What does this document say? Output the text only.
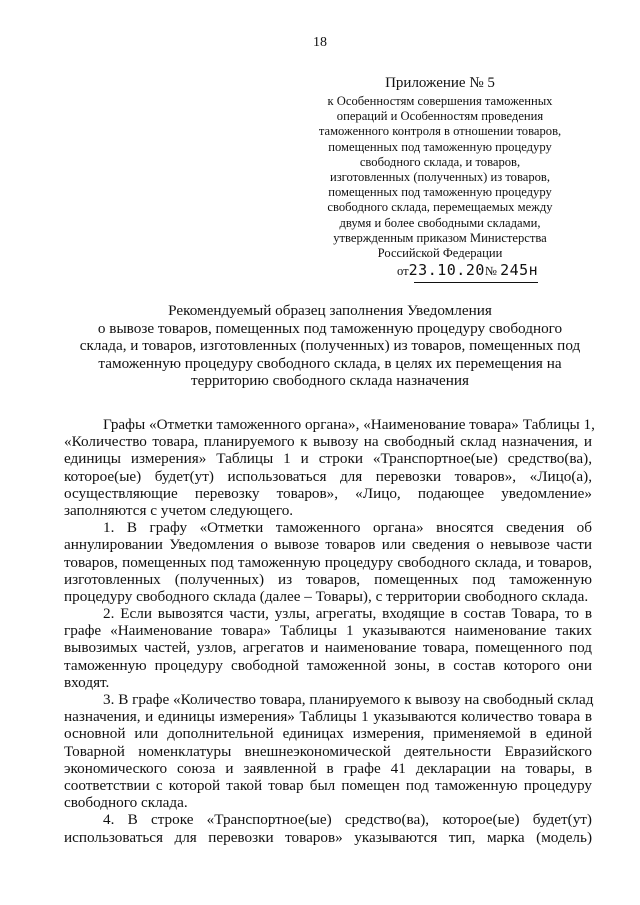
18
Приложение № 5
к Особенностям совершения таможенных
операций и Особенностям проведения
таможенного контроля в отношении товаров,
помещенных под таможенную процедуру
свободного склада, и товаров,
изготовленных (полученных) из товаров,
помещенных под таможенную процедуру
свободного склада, перемещаемых между
двумя и более свободными складами,
утвержденным приказом Министерства
Российской Федерации
от23.10.20№ 245н
Рекомендуемый образец заполнения Уведомления
о вывозе товаров, помещенных под таможенную процедуру свободного
склада, и товаров, изготовленных (полученных) из товаров, помещенных под
таможенную процедуру свободного склада, в целях их перемещения на
территорию свободного склада назначения
Графы «Отметки таможенного органа», «Наименование товара» Таблицы 1,
«Количество товара, планируемого к вывозу на свободный склад назначения, и
единицы измерения» Таблицы 1 и строки «Транспортное(ые) средство(ва),
которое(ые) будет(ут) использоваться для перевозки товаров», «Лицо(а),
осуществляющие перевозку товаров», «Лицо, подающее уведомление»
заполняются с учетом следующего.
1. В графу «Отметки таможенного органа» вносятся сведения об
аннулировании Уведомления о вывозе товаров или сведения о невывозе части
товаров, помещенных под таможенную процедуру свободного склада, и товаров,
изготовленных (полученных) из товаров, помещенных под таможенную
процедуру свободного склада (далее – Товары), с территории свободного склада.
2. Если вывозятся части, узлы, агрегаты, входящие в состав Товара, то в
графе «Наименование товара» Таблицы 1 указываются наименование таких
вывозимых частей, узлов, агрегатов и наименование товара, помещенного под
таможенную процедуру свободной таможенной зоны, в состав которого они
входят.
3. В графе «Количество товара, планируемого к вывозу на свободный склад
назначения, и единицы измерения» Таблицы 1 указываются количество товара в
основной или дополнительной единицах измерения, применяемой в единой
Товарной номенклатуры внешнеэкономической деятельности Евразийского
экономического союза и заявленной в графе 41 декларации на товары, в
соответствии с которой такой товар был помещен под таможенную процедуру
свободного склада.
4. В строке «Транспортное(ые) средство(ва), которое(ые) будет(ут)
использоваться для перевозки товаров» указываются тип, марка (модель)
